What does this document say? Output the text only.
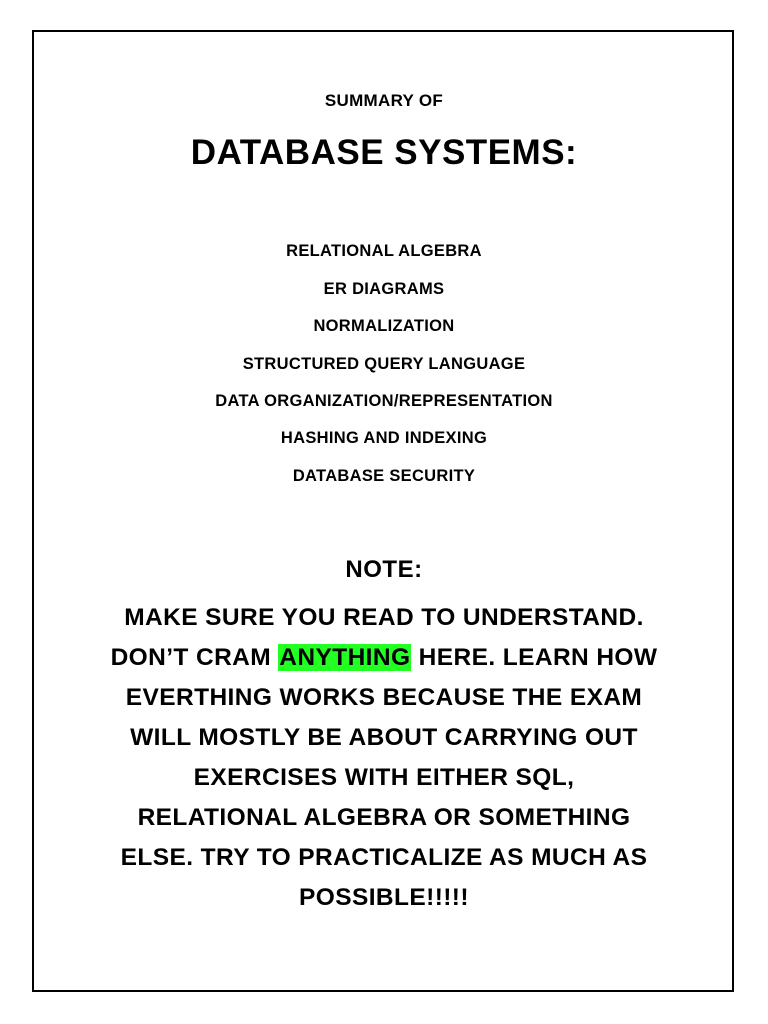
SUMMARY OF
DATABASE SYSTEMS:
RELATIONAL ALGEBRA
ER DIAGRAMS
NORMALIZATION
STRUCTURED QUERY LANGUAGE
DATA ORGANIZATION/REPRESENTATION
HASHING AND INDEXING
DATABASE SECURITY
NOTE:
MAKE SURE YOU READ TO UNDERSTAND.
DON’T CRAM ANYTHING HERE. LEARN HOW
EVERTHING WORKS BECAUSE THE EXAM
WILL MOSTLY BE ABOUT CARRYING OUT
EXERCISES WITH EITHER SQL,
RELATIONAL ALGEBRA OR SOMETHING
ELSE. TRY TO PRACTICALIZE AS MUCH AS
POSSIBLE!!!!!
